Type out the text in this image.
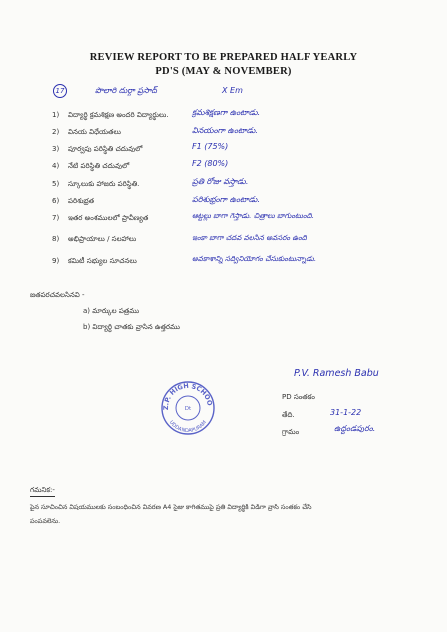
REVIEW REPORT TO BE PREPARED HALF YEARLY
PD'S (MAY & NOVEMBER)
17	పొలారి దుర్గా ప్రసాద్	X Em
1) విద్యార్థి క్రమశిక్షణ అందరి విద్యార్థులు.	క్రమశిక్షణగా ఉంటాడు.
2) వినయ విధేయతలు	వినయంగా ఉంటాడు.
3) పూర్వపు పరిస్థితి చదువులో	F1 (75%)
4) నేటి పరిస్థితి చదువులో	F2 (80%)
5) స్కూలుకు హాజరు పరిస్థితి.	ప్రతి రోజు వస్తాడు.
6) పరిశుభ్రత	పరిశుభ్రంగా ఉంటాడు.
7) ఇతర అంశములలో ప్రావీణ్యత	ఆట్టల్లు బాగా గెస్తాడు. చిత్రాలు బాగుంటుంది.
8) అభిప్రాయాలు / సలహాలు	ఇంకా బాగా చదవ వలసిన అవసరం ఉంది
9) కమిటీ సభ్యుల సూచనలు	అవకాశాన్ని సద్వినియోగం చేసుకుంటున్నాడు.
జతపరచవలసినవి -
a) మార్కుల పత్రము
b) విద్యార్థి చాతకు వ్రాసిన ఉత్తరము
Z.P. HIGH SCHOO
UDDANDAPURAM
Dt
P.V. Ramesh Babu
PD సంతకం
తేది.	31-1-22
గ్రామం	ఉద్దండపురం.
గమనిక:-
పైన సూచించిన విషయములకు సంబంధించిన వివరణ A4 సైజు కాగితముపై ప్రతి విద్యార్థికి విడిగా వ్రాసి సంతకం చేసి
పంపవలెను.
